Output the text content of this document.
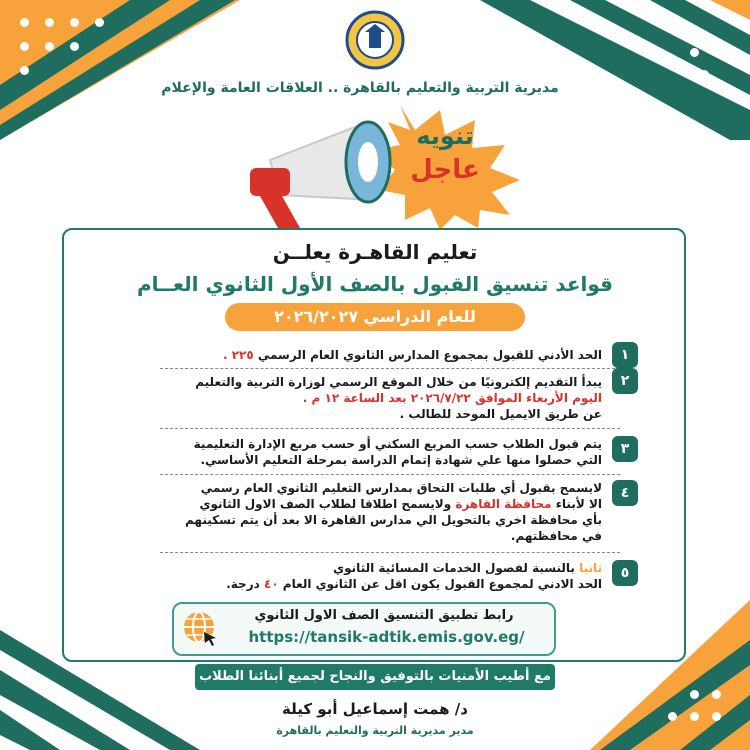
مديرية التربية والتعليم بالقاهرة .. العلاقات العامة والإعلام
تنويه
عاجل
تعليم القاهـرة يعلــن
قواعد تنسيق القبول بالصف الأول الثانوي العــام
للعام الدراسي ٢٠٢٦/٢٠٢٧
١
الحد الأدني للقبول بمجموع المدارس الثانوي العام الرسمي ٢٢٥ .
٢
يبدأ التقديم إلكترونيًا من خلال الموقع الرسمي لوزارة التربية والتعليم
اليوم الأربعاء الموافق ٢٠٢٦/٧/٢٢ بعد الساعة ١٢ م .
عن طريق الايميل الموحد للطالب .
٣
يتم قبول الطلاب حسب المربع السكني أو حسب مربع الإدارة التعليمية
التي حصلوا منها علي شهادة إتمام الدراسة بمرحلة التعليم الأساسي.
٤
لايسمح بقبول أي طلبات التحاق بمدارس التعليم الثانوي العام رسمي
الا لأبناء محافظة القاهرة ولايسمح اطلاقا لطلاب الصف الاول الثانوي
بأي محافظة اخري بالتحويل الي مدارس القاهرة الا بعد أن يتم تسكينهم
في محافظتهم.
٥
ثانيا بالنسبة لفصول الخدمات المسائية الثانوي
الحد الادني لمجموع القبول يكون اقل عن الثانوي العام ٤٠ درجة.
رابط تطبيق التنسيق الصف الاول الثانوي
https://tansik-adtik.emis.gov.eg/
مع أطيب الأمنيات بالتوفيق والنجاح لجميع أبنائنا الطلاب
د/ همت إسماعيل أبو كيلة
مدير مديرية التربية والتعليم بالقاهرة
